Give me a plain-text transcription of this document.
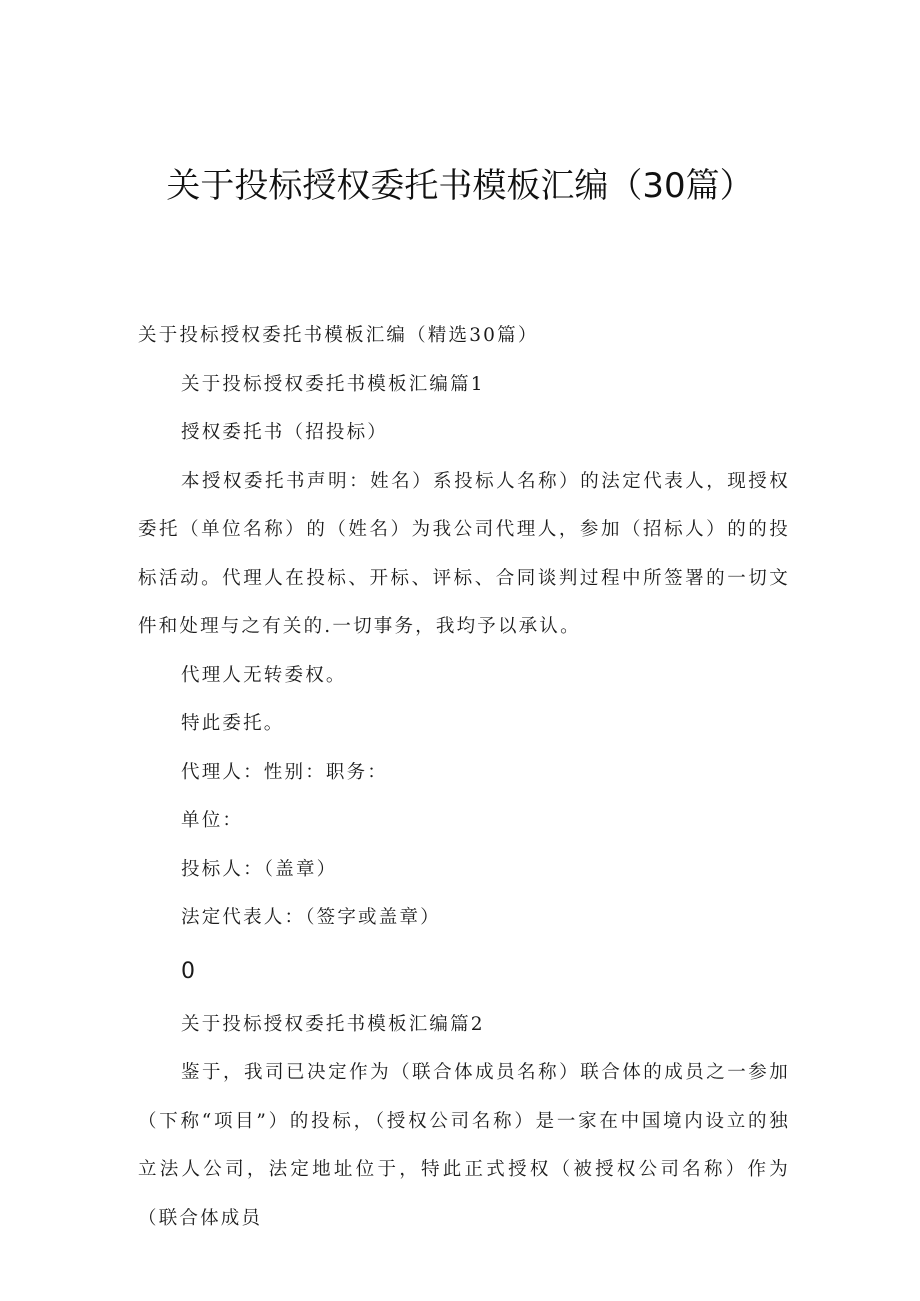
关于投标授权委托书模板汇编（30篇）

关于投标授权委托书模板汇编（精选30篇）

关于投标授权委托书模板汇编篇1

授权委托书（招投标）

本授权委托书声明：姓名）系投标人名称）的法定代表人，现授权委托（单位名称）的（姓名）为我公司代理人，参加（招标人）的的投标活动。代理人在投标、开标、评标、合同谈判过程中所签署的一切文件和处理与之有关的.一切事务，我均予以承认。

代理人无转委权。

特此委托。

代理人：性别：职务：

单位：

投标人：（盖章）

法定代表人：（签字或盖章）

0

关于投标授权委托书模板汇编篇2

鉴于，我司已决定作为（联合体成员名称）联合体的成员之一参加（下称“项目”）的投标，（授权公司名称）是一家在中国境内设立的独立法人公司，法定地址位于，特此正式授权（被授权公司名称）作为（联合体成员
